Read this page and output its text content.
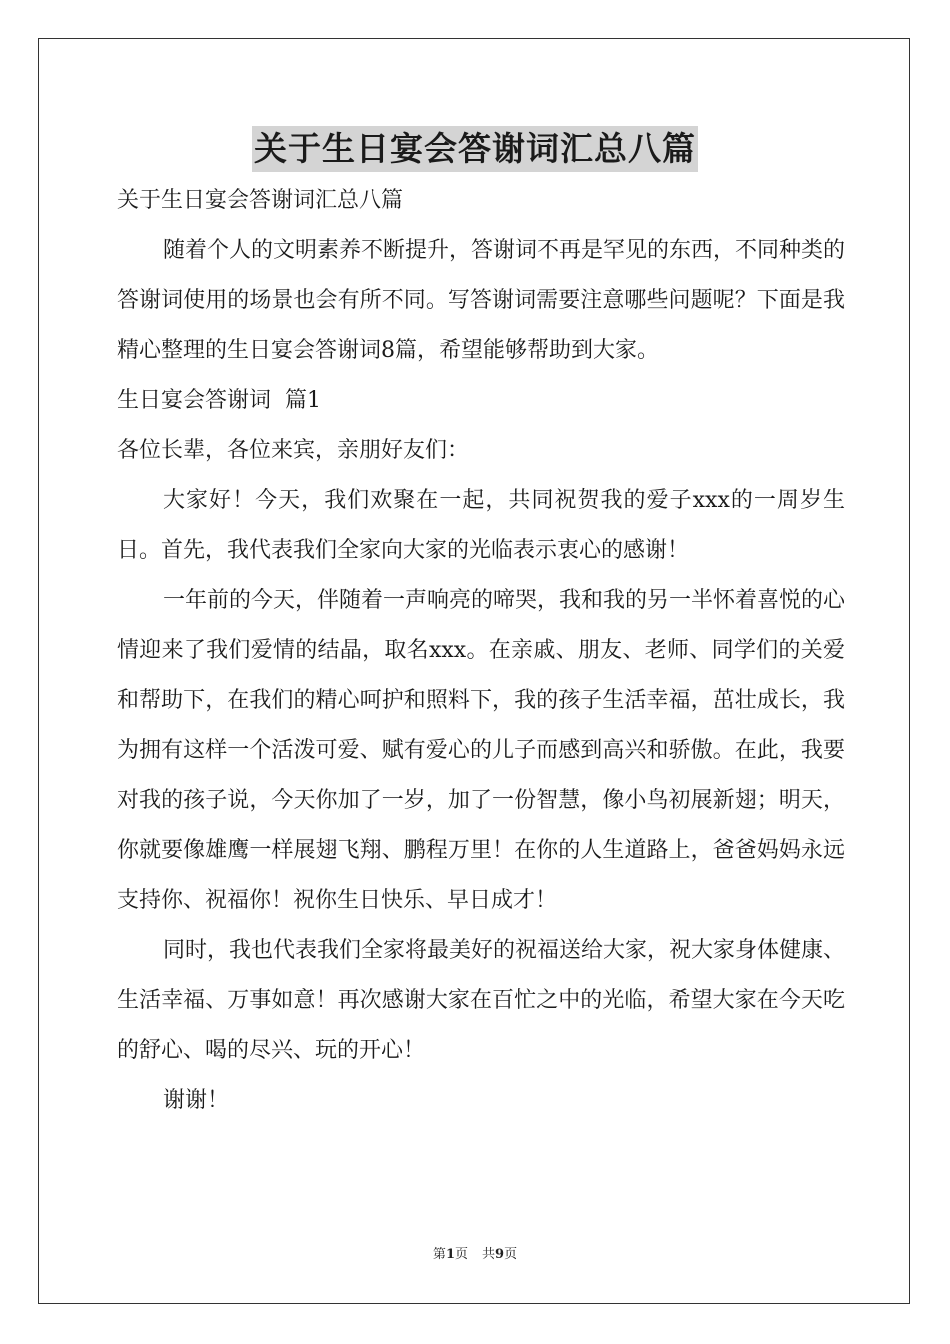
关于生日宴会答谢词汇总八篇

关于生日宴会答谢词汇总八篇

随着个人的文明素养不断提升，答谢词不再是罕见的东西，不同种类的答谢词使用的场景也会有所不同。写答谢词需要注意哪些问题呢？下面是我精心整理的生日宴会答谢词8篇，希望能够帮助到大家。

生日宴会答谢词  篇1

各位长辈，各位来宾，亲朋好友们：

大家好！今天，我们欢聚在一起，共同祝贺我的爱子xxx的一周岁生日。首先，我代表我们全家向大家的光临表示衷心的感谢！

一年前的今天，伴随着一声响亮的啼哭，我和我的另一半怀着喜悦的心情迎来了我们爱情的结晶，取名xxx。在亲戚、朋友、老师、同学们的关爱和帮助下，在我们的精心呵护和照料下，我的孩子生活幸福，茁壮成长，我为拥有这样一个活泼可爱、赋有爱心的儿子而感到高兴和骄傲。在此，我要对我的孩子说，今天你加了一岁，加了一份智慧，像小鸟初展新翅；明天，你就要像雄鹰一样展翅飞翔、鹏程万里！在你的人生道路上，爸爸妈妈永远支持你、祝福你！祝你生日快乐、早日成才！

同时，我也代表我们全家将最美好的祝福送给大家，祝大家身体健康、生活幸福、万事如意！再次感谢大家在百忙之中的光临，希望大家在今天吃的舒心、喝的尽兴、玩的开心！

谢谢！

第1页 共9页
